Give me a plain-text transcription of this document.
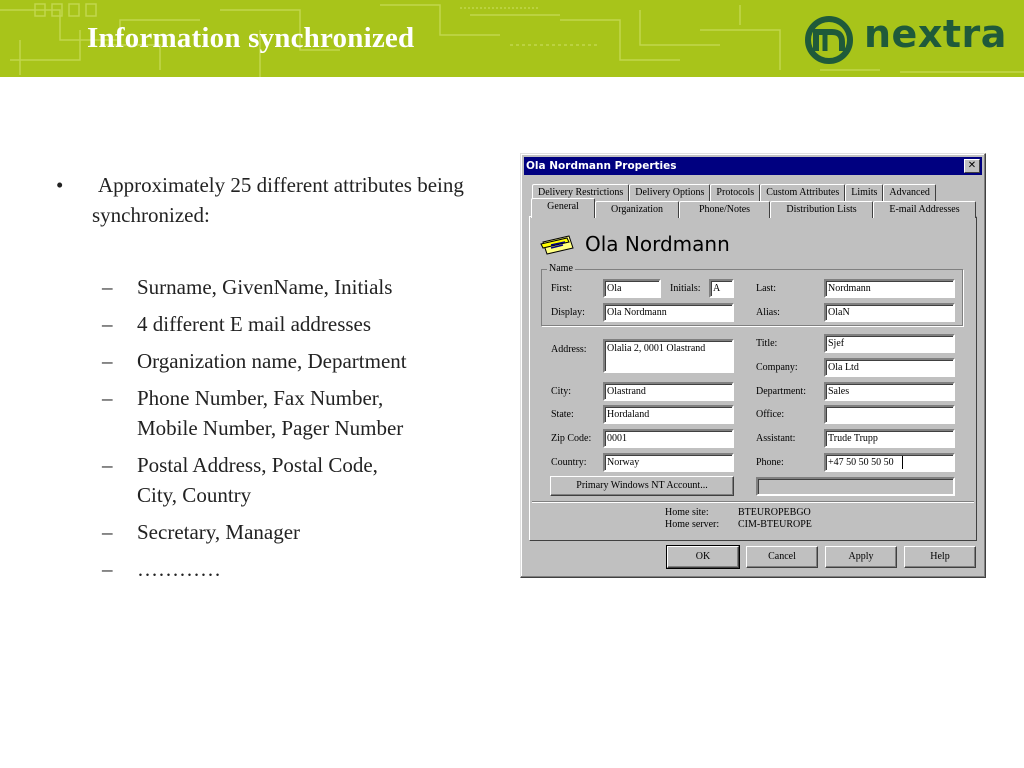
Information synchronized	nextra
• Approximately 25 different attributes being synchronized:
– Surname, GivenName, Initials
– 4 different E mail addresses
– Organization name, Department
– Phone Number, Fax Number, Mobile Number, Pager Number
– Postal Address, Postal Code, City, Country
– Secretary, Manager
– …………
Ola Nordmann Properties	✕
Delivery Restrictions	Delivery Options	Protocols	Custom Attributes	Limits	Advanced
General	Organization	Phone/Notes	Distribution Lists	E-mail Addresses
Ola Nordmann
Name
First:	Ola	Initials:	A	Last:	Nordmann
Display:	Ola Nordmann	Alias:	OlaN
Address:	Olalia 2, 0001 Olastrand	Title:	Sjef
Company:	Ola Ltd
City:	Olastrand	Department:	Sales
State:	Hordaland	Office:
Zip Code:	0001	Assistant:	Trude Trupp
Country:	Norway	Phone:	+47 50 50 50 50
Primary Windows NT Account...
Home site:	BTEUROPEBGO
Home server: CIM-BTEUROPE
OK	Cancel	Apply	Help
